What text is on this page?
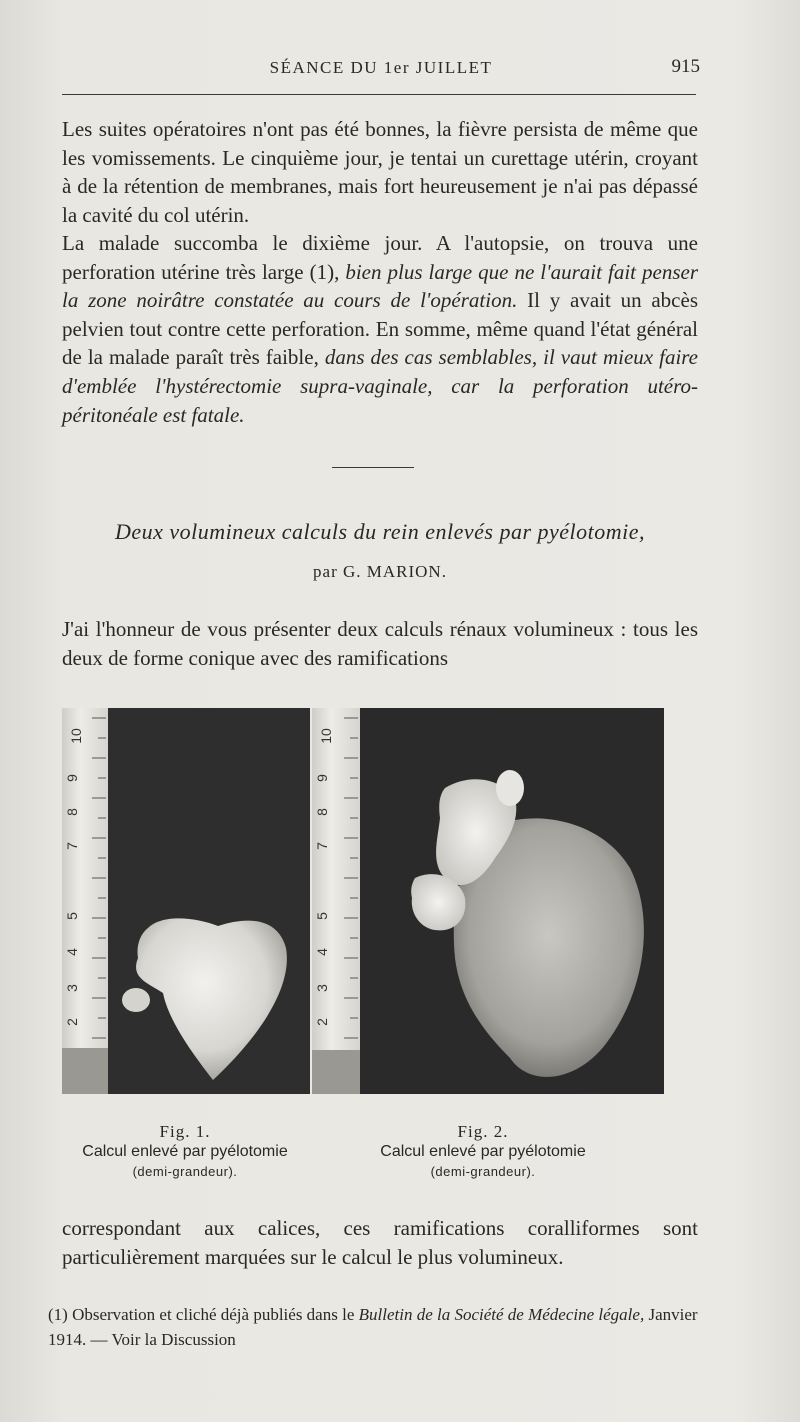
SÉANCE DU 1er JUILLET	915

Les suites opératoires n'ont pas été bonnes, la fièvre persista de même que les vomissements. Le cinquième jour, je tentai un curettage utérin, croyant à de la rétention de membranes, mais fort heureusement je n'ai pas dépassé la cavité du col utérin.

La malade succomba le dixième jour. A l'autopsie, on trouva une perforation utérine très large (1), bien plus large que ne l'aurait fait penser la zone noirâtre constatée au cours de l'opération. Il y avait un abcès pelvien tout contre cette perforation. En somme, même quand l'état général de la malade paraît très faible, dans des cas semblables, il vaut mieux faire d'emblée l'hystérectomie supra-vaginale, car la perforation utéro-péritonéale est fatale.

Deux volumineux calculs du rein enlevés par pyélotomie,
par G. MARION.

J'ai l'honneur de vous présenter deux calculs rénaux volumineux : tous les deux de forme conique avec des ramifications

10
9
8
7
5
4
3
2
10
9
8
7
5
4
3
2
Fig. 1.
Calcul enlevé par pyélotomie
(demi-grandeur).
Fig. 2.
Calcul enlevé par pyélotomie
(demi-grandeur).

correspondant aux calices, ces ramifications coralliformes sont particulièrement marquées sur le calcul le plus volumineux.

(1) Observation et cliché déjà publiés dans le Bulletin de la Société de Médecine légale, Janvier 1914. — Voir la Discussion
